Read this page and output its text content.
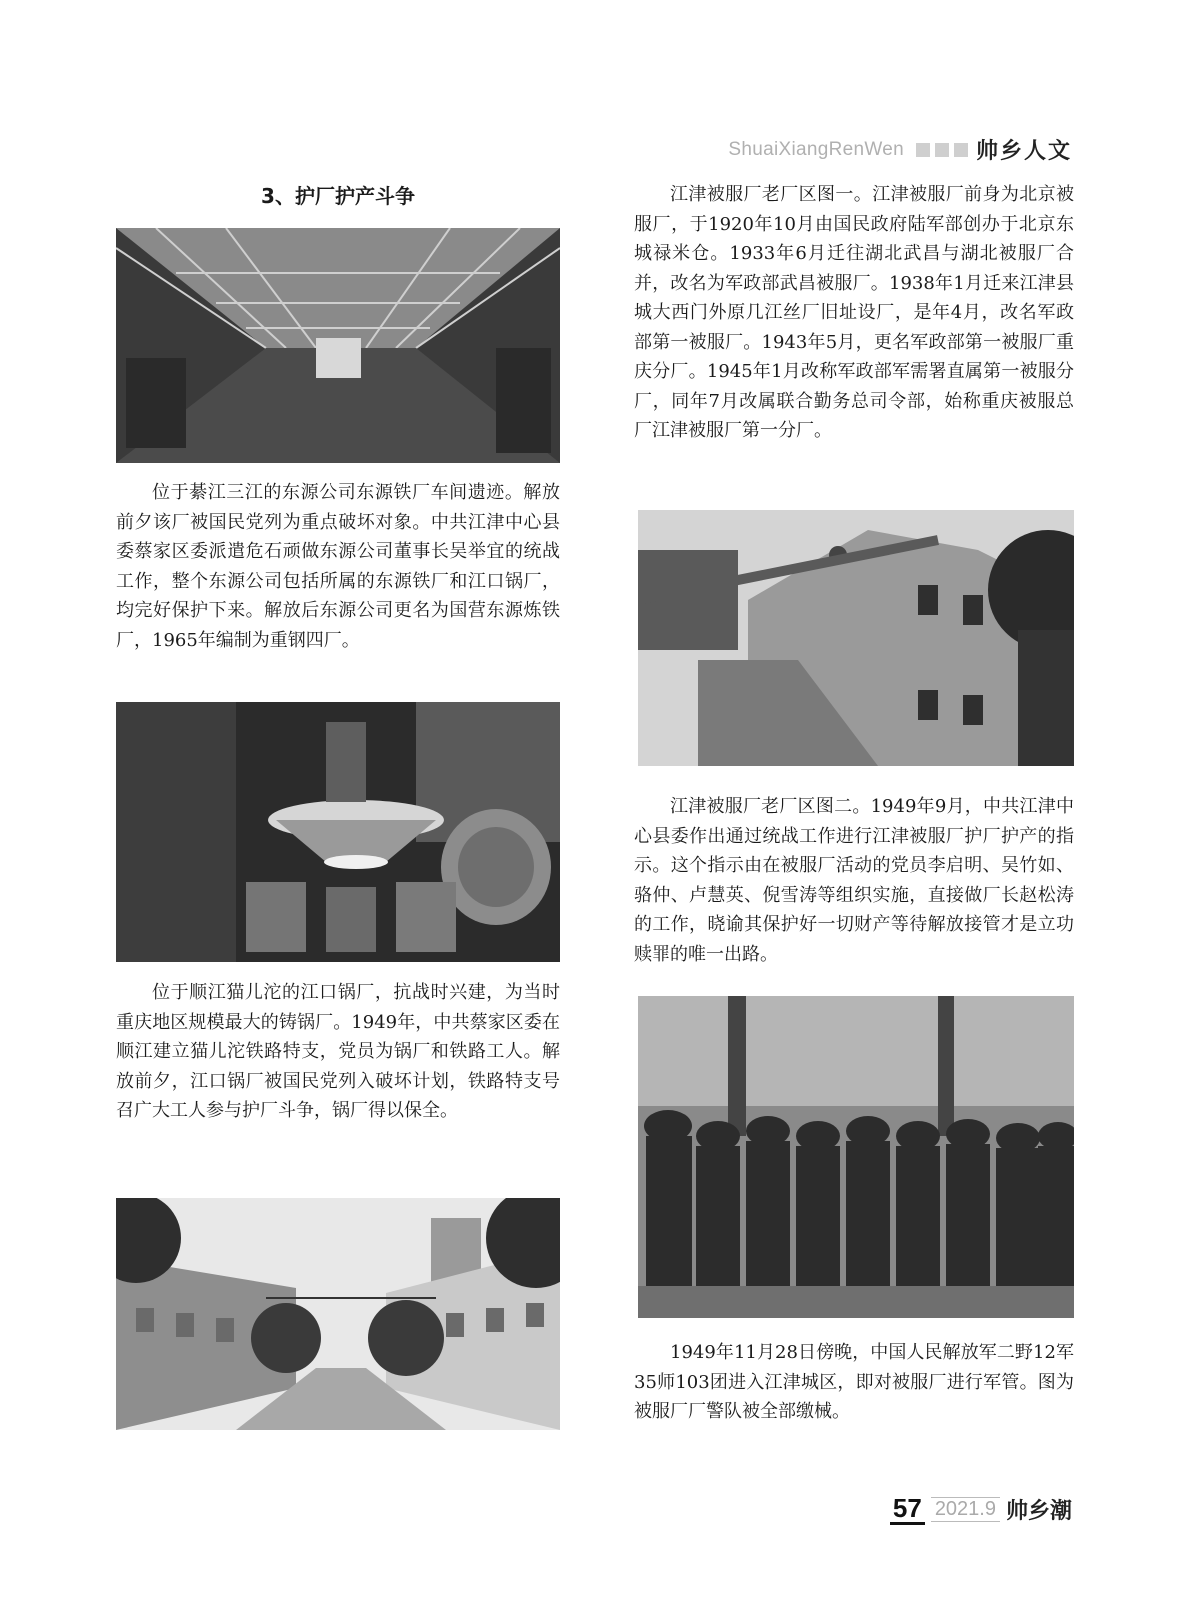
ShuaiXiangRenWen	帅乡人文
3、护厂护产斗争

位于綦江三江的东源公司东源铁厂车间遗迹。解放前夕该厂被国民党列为重点破坏对象。中共江津中心县委蔡家区委派遣危石顽做东源公司董事长吴举宜的统战工作，整个东源公司包括所属的东源铁厂和江口锅厂，均完好保护下来。解放后东源公司更名为国营东源炼铁厂，1965年编制为重钢四厂。

位于顺江猫儿沱的江口锅厂，抗战时兴建，为当时重庆地区规模最大的铸锅厂。1949年，中共蔡家区委在顺江建立猫儿沱铁路特支，党员为锅厂和铁路工人。解放前夕，江口锅厂被国民党列入破坏计划，铁路特支号召广大工人参与护厂斗争，锅厂得以保全。

江津被服厂老厂区图一。江津被服厂前身为北京被服厂，于1920年10月由国民政府陆军部创办于北京东城禄米仓。1933年6月迁往湖北武昌与湖北被服厂合并，改名为军政部武昌被服厂。1938年1月迁来江津县城大西门外原几江丝厂旧址设厂，是年4月，改名军政部第一被服厂。1943年5月，更名军政部第一被服厂重庆分厂。1945年1月改称军政部军需署直属第一被服分厂，同年7月改属联合勤务总司令部，始称重庆被服总厂江津被服厂第一分厂。

江津被服厂老厂区图二。1949年9月，中共江津中心县委作出通过统战工作进行江津被服厂护厂护产的指示。这个指示由在被服厂活动的党员李启明、吴竹如、骆仲、卢慧英、倪雪涛等组织实施，直接做厂长赵松涛的工作，晓谕其保护好一切财产等待解放接管才是立功赎罪的唯一出路。

1949年11月28日傍晚，中国人民解放军二野12军35师103团进入江津城区，即对被服厂进行军管。图为被服厂厂警队被全部缴械。

57 2021.9 帅乡潮
